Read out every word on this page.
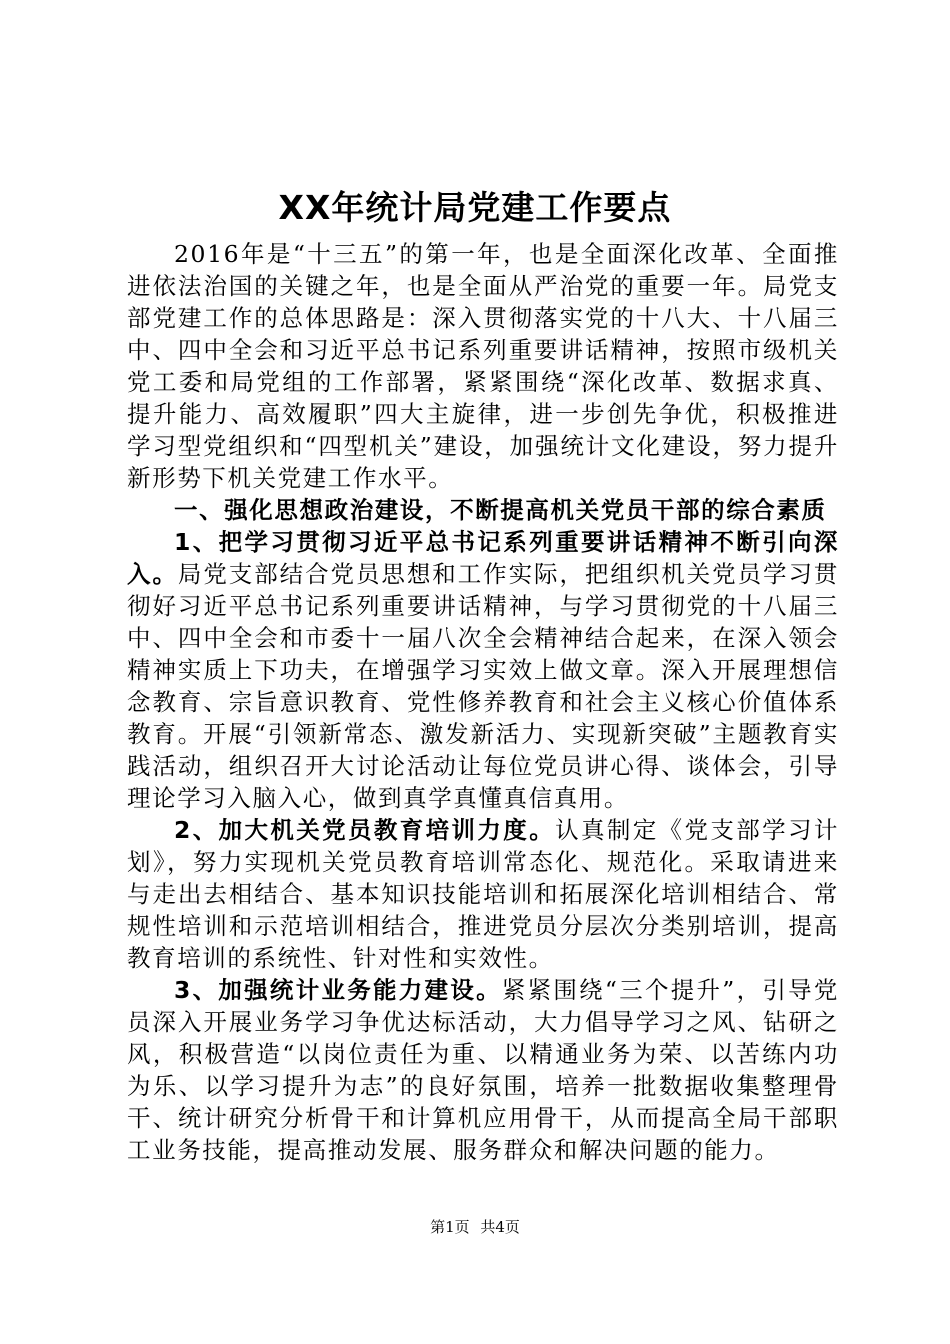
XX年统计局党建工作要点

2016年是“十三五”的第一年，也是全面深化改革、全面推进依法治国的关键之年，也是全面从严治党的重要一年。局党支部党建工作的总体思路是：深入贯彻落实党的十八大、十八届三中、四中全会和习近平总书记系列重要讲话精神，按照市级机关党工委和局党组的工作部署，紧紧围绕“深化改革、数据求真、提升能力、高效履职”四大主旋律，进一步创先争优，积极推进学习型党组织和“四型机关”建设，加强统计文化建设，努力提升新形势下机关党建工作水平。

一、强化思想政治建设，不断提高机关党员干部的综合素质

1、把学习贯彻习近平总书记系列重要讲话精神不断引向深入。局党支部结合党员思想和工作实际，把组织机关党员学习贯彻好习近平总书记系列重要讲话精神，与学习贯彻党的十八届三中、四中全会和市委十一届八次全会精神结合起来，在深入领会精神实质上下功夫，在增强学习实效上做文章。深入开展理想信念教育、宗旨意识教育、党性修养教育和社会主义核心价值体系教育。开展“引领新常态、激发新活力、实现新突破”主题教育实践活动，组织召开大讨论活动让每位党员讲心得、谈体会，引导理论学习入脑入心，做到真学真懂真信真用。

2、加大机关党员教育培训力度。认真制定《党支部学习计划》，努力实现机关党员教育培训常态化、规范化。采取请进来与走出去相结合、基本知识技能培训和拓展深化培训相结合、常规性培训和示范培训相结合，推进党员分层次分类别培训，提高教育培训的系统性、针对性和实效性。

3、加强统计业务能力建设。紧紧围绕“三个提升”，引导党员深入开展业务学习争优达标活动，大力倡导学习之风、钻研之风，积极营造“以岗位责任为重、以精通业务为荣、以苦练内功为乐、以学习提升为志”的良好氛围，培养一批数据收集整理骨干、统计研究分析骨干和计算机应用骨干，从而提高全局干部职工业务技能，提高推动发展、服务群众和解决问题的能力。

第1页 共4页
